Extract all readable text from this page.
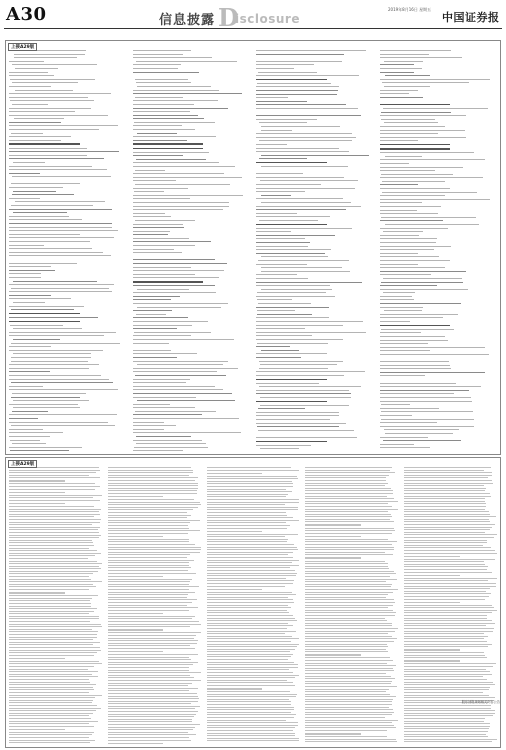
A30	信息披露 D
isclosure
2019年8月16日 星期五
中国证券报
上接A29版
上接A29版
股东回报规划相关内容公告
